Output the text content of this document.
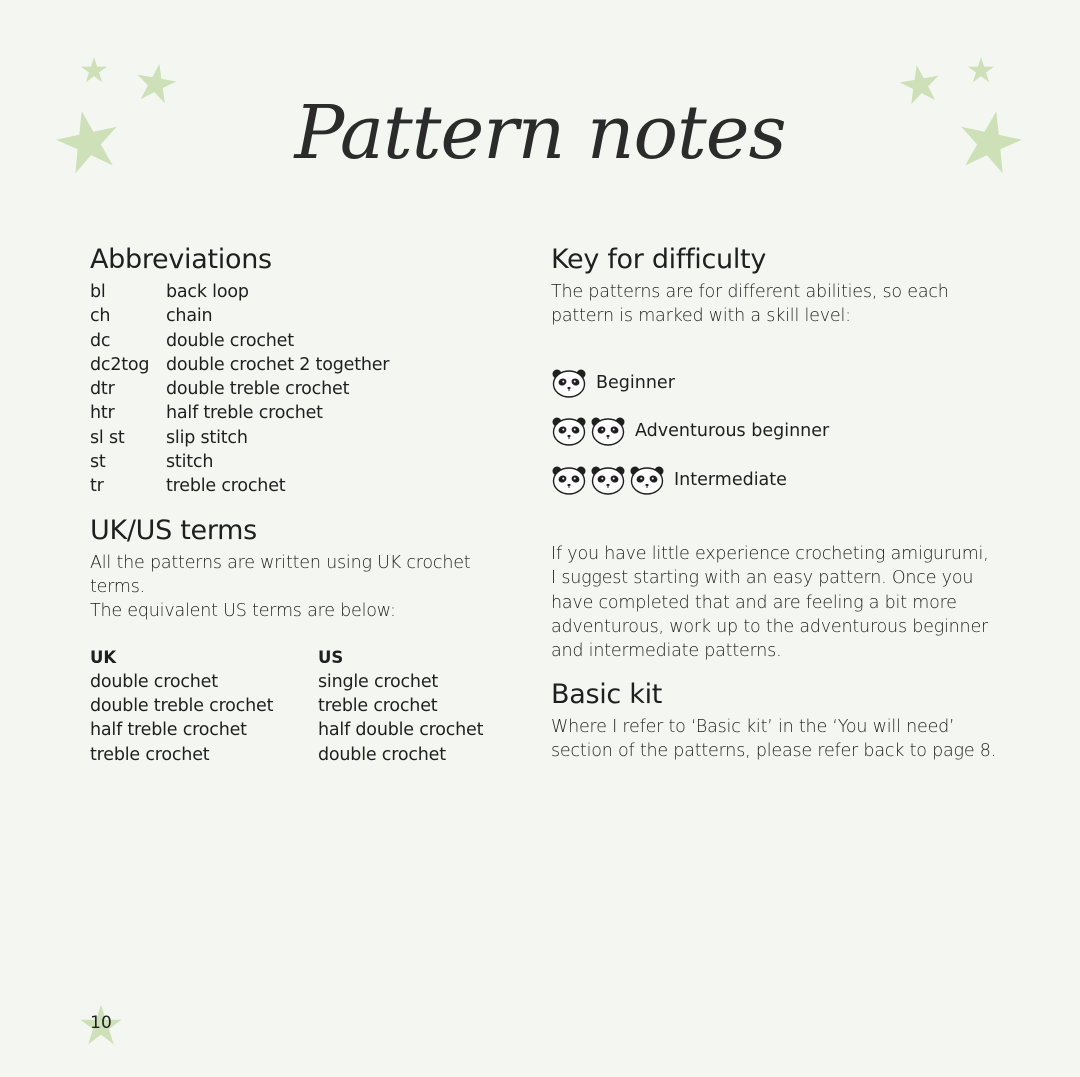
Pattern notes
Abbreviations
bl	back loop
ch	chain
dc	double crochet
dc2tog double crochet 2 together
dtr	double treble crochet
htr	half treble crochet
sl st	slip stitch
st	stitch
tr	treble crochet
UK/US terms
All the patterns are written using UK crochet terms.
The equivalent US terms are below:
UK	US
double crochet	single crochet
double treble crochet	treble crochet
half treble crochet	half double crochet
treble crochet	double crochet
Key for difficulty
The patterns are for different abilities, so each
pattern is marked with a skill level:
Beginner
Adventurous beginner
Intermediate
If you have little experience crocheting amigurumi,
I suggest starting with an easy pattern. Once you
have completed that and are feeling a bit more
adventurous, work up to the adventurous beginner
and intermediate patterns.
Basic kit
Where I refer to ‘Basic kit’ in the ‘You will need’
section of the patterns, please refer back to page 8.
10
